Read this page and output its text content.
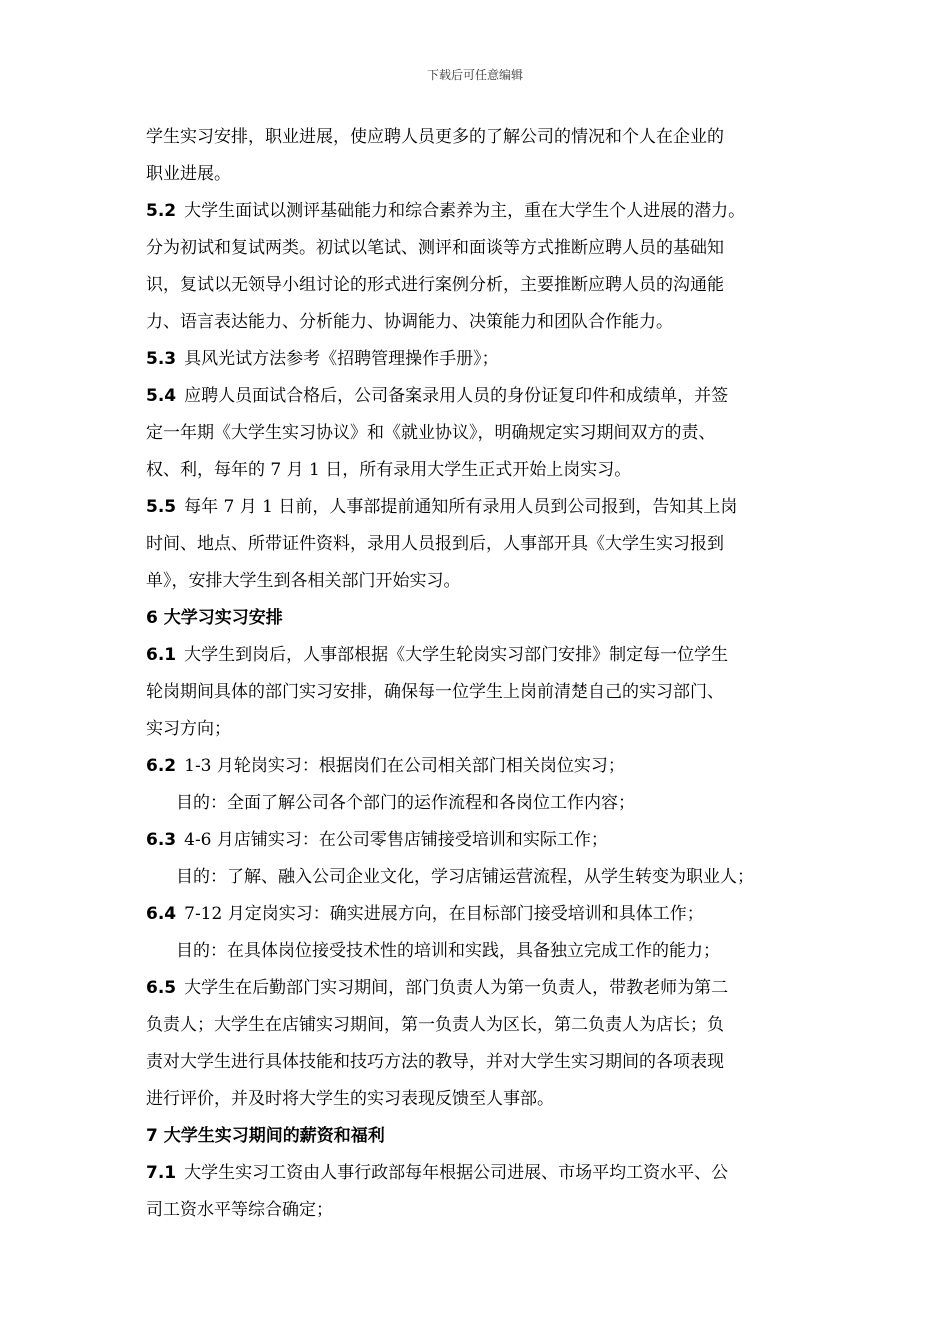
下载后可任意编辑
学生实习安排，职业进展，使应聘人员更多的了解公司的情况和个人在企业的
职业进展。
5.2 大学生面试以测评基础能力和综合素养为主，重在大学生个人进展的潜力。
分为初试和复试两类。初试以笔试、测评和面谈等方式推断应聘人员的基础知
识，复试以无领导小组讨论的形式进行案例分析，主要推断应聘人员的沟通能
力、语言表达能力、分析能力、协调能力、决策能力和团队合作能力。
5.3 具风光试方法参考《招聘管理操作手册》；
5.4 应聘人员面试合格后，公司备案录用人员的身份证复印件和成绩单，并签
定一年期《大学生实习协议》和《就业协议》，明确规定实习期间双方的责、
权、利，每年的 7 月 1 日，所有录用大学生正式开始上岗实习。
5.5 每年 7 月 1 日前，人事部提前通知所有录用人员到公司报到，告知其上岗
时间、地点、所带证件资料，录用人员报到后，人事部开具《大学生实习报到
单》，安排大学生到各相关部门开始实习。
6 大学习实习安排
6.1 大学生到岗后，人事部根据《大学生轮岗实习部门安排》制定每一位学生
轮岗期间具体的部门实习安排，确保每一位学生上岗前清楚自己的实习部门、
实习方向；
6.2 1-3 月轮岗实习：根据岗们在公司相关部门相关岗位实习；
目的：全面了解公司各个部门的运作流程和各岗位工作内容；
6.3 4-6 月店铺实习：在公司零售店铺接受培训和实际工作；
目的：了解、融入公司企业文化，学习店铺运营流程，从学生转变为职业人；
6.4 7-12 月定岗实习：确实进展方向，在目标部门接受培训和具体工作；
目的：在具体岗位接受技术性的培训和实践，具备独立完成工作的能力；
6.5 大学生在后勤部门实习期间，部门负责人为第一负责人，带教老师为第二
负责人；大学生在店铺实习期间，第一负责人为区长，第二负责人为店长；负
责对大学生进行具体技能和技巧方法的教导，并对大学生实习期间的各项表现
进行评价，并及时将大学生的实习表现反馈至人事部。
7 大学生实习期间的薪资和福利
7.1 大学生实习工资由人事行政部每年根据公司进展、市场平均工资水平、公
司工资水平等综合确定；
